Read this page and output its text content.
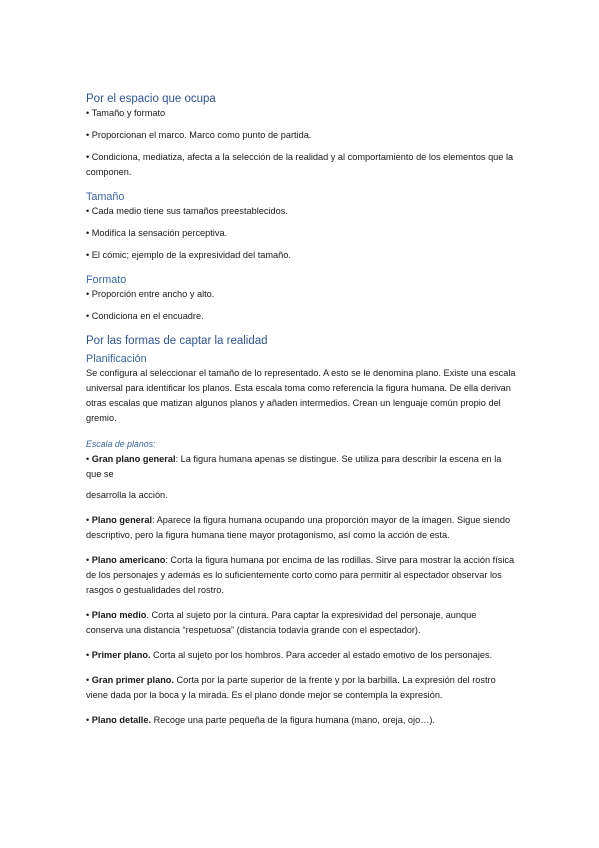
Por el espacio que ocupa

• Tamaño y formato

• Proporcionan el marco. Marco como punto de partida.

• Condiciona, mediatiza, afecta a la selección de la realidad y al comportamiento de los elementos que la componen.

Tamaño

• Cada medio tiene sus tamaños preestablecidos.

• Modifica la sensación perceptiva.

• El cómic; ejemplo de la expresividad del tamaño.

Formato

• Proporción entre ancho y alto.

• Condiciona en el encuadre.

Por las formas de captar la realidad
Planificación

Se configura al seleccionar el tamaño de lo representado. A esto se le denomina plano. Existe una escala universal para identificar los planos. Esta escala toma como referencia la figura humana. De ella derivan otras escalas que matizan algunos planos y añaden intermedios. Crean un lenguaje común propio del gremio.

Escala de planos:

• Gran plano general: La figura humana apenas se distingue. Se utiliza para describir la escena en la que se

desarrolla la acción.

• Plano general: Aparece la figura humana ocupando una proporción mayor de la imagen. Sigue siendo descriptivo, pero la figura humana tiene mayor protagonismo, así como la acción de esta.

• Plano americano: Corta la figura humana por encima de las rodillas. Sirve para mostrar la acción física de los personajes y además es lo suficientemente corto como para permitir al espectador observar los rasgos o gestualidades del rostro.

• Plano medio. Corta al sujeto por la cintura. Para captar la expresividad del personaje, aunque conserva una distancia “respetuosa” (distancia todavía grande con el espectador).

• Primer plano. Corta al sujeto por los hombros. Para acceder al estado emotivo de los personajes.

• Gran primer plano. Corta por la parte superior de la frente y por la barbilla. La expresión del rostro viene dada por la boca y la mirada. Es el plano donde mejor se contempla la expresión.

• Plano detalle. Recoge una parte pequeña de la figura humana (mano, oreja, ojo…).
